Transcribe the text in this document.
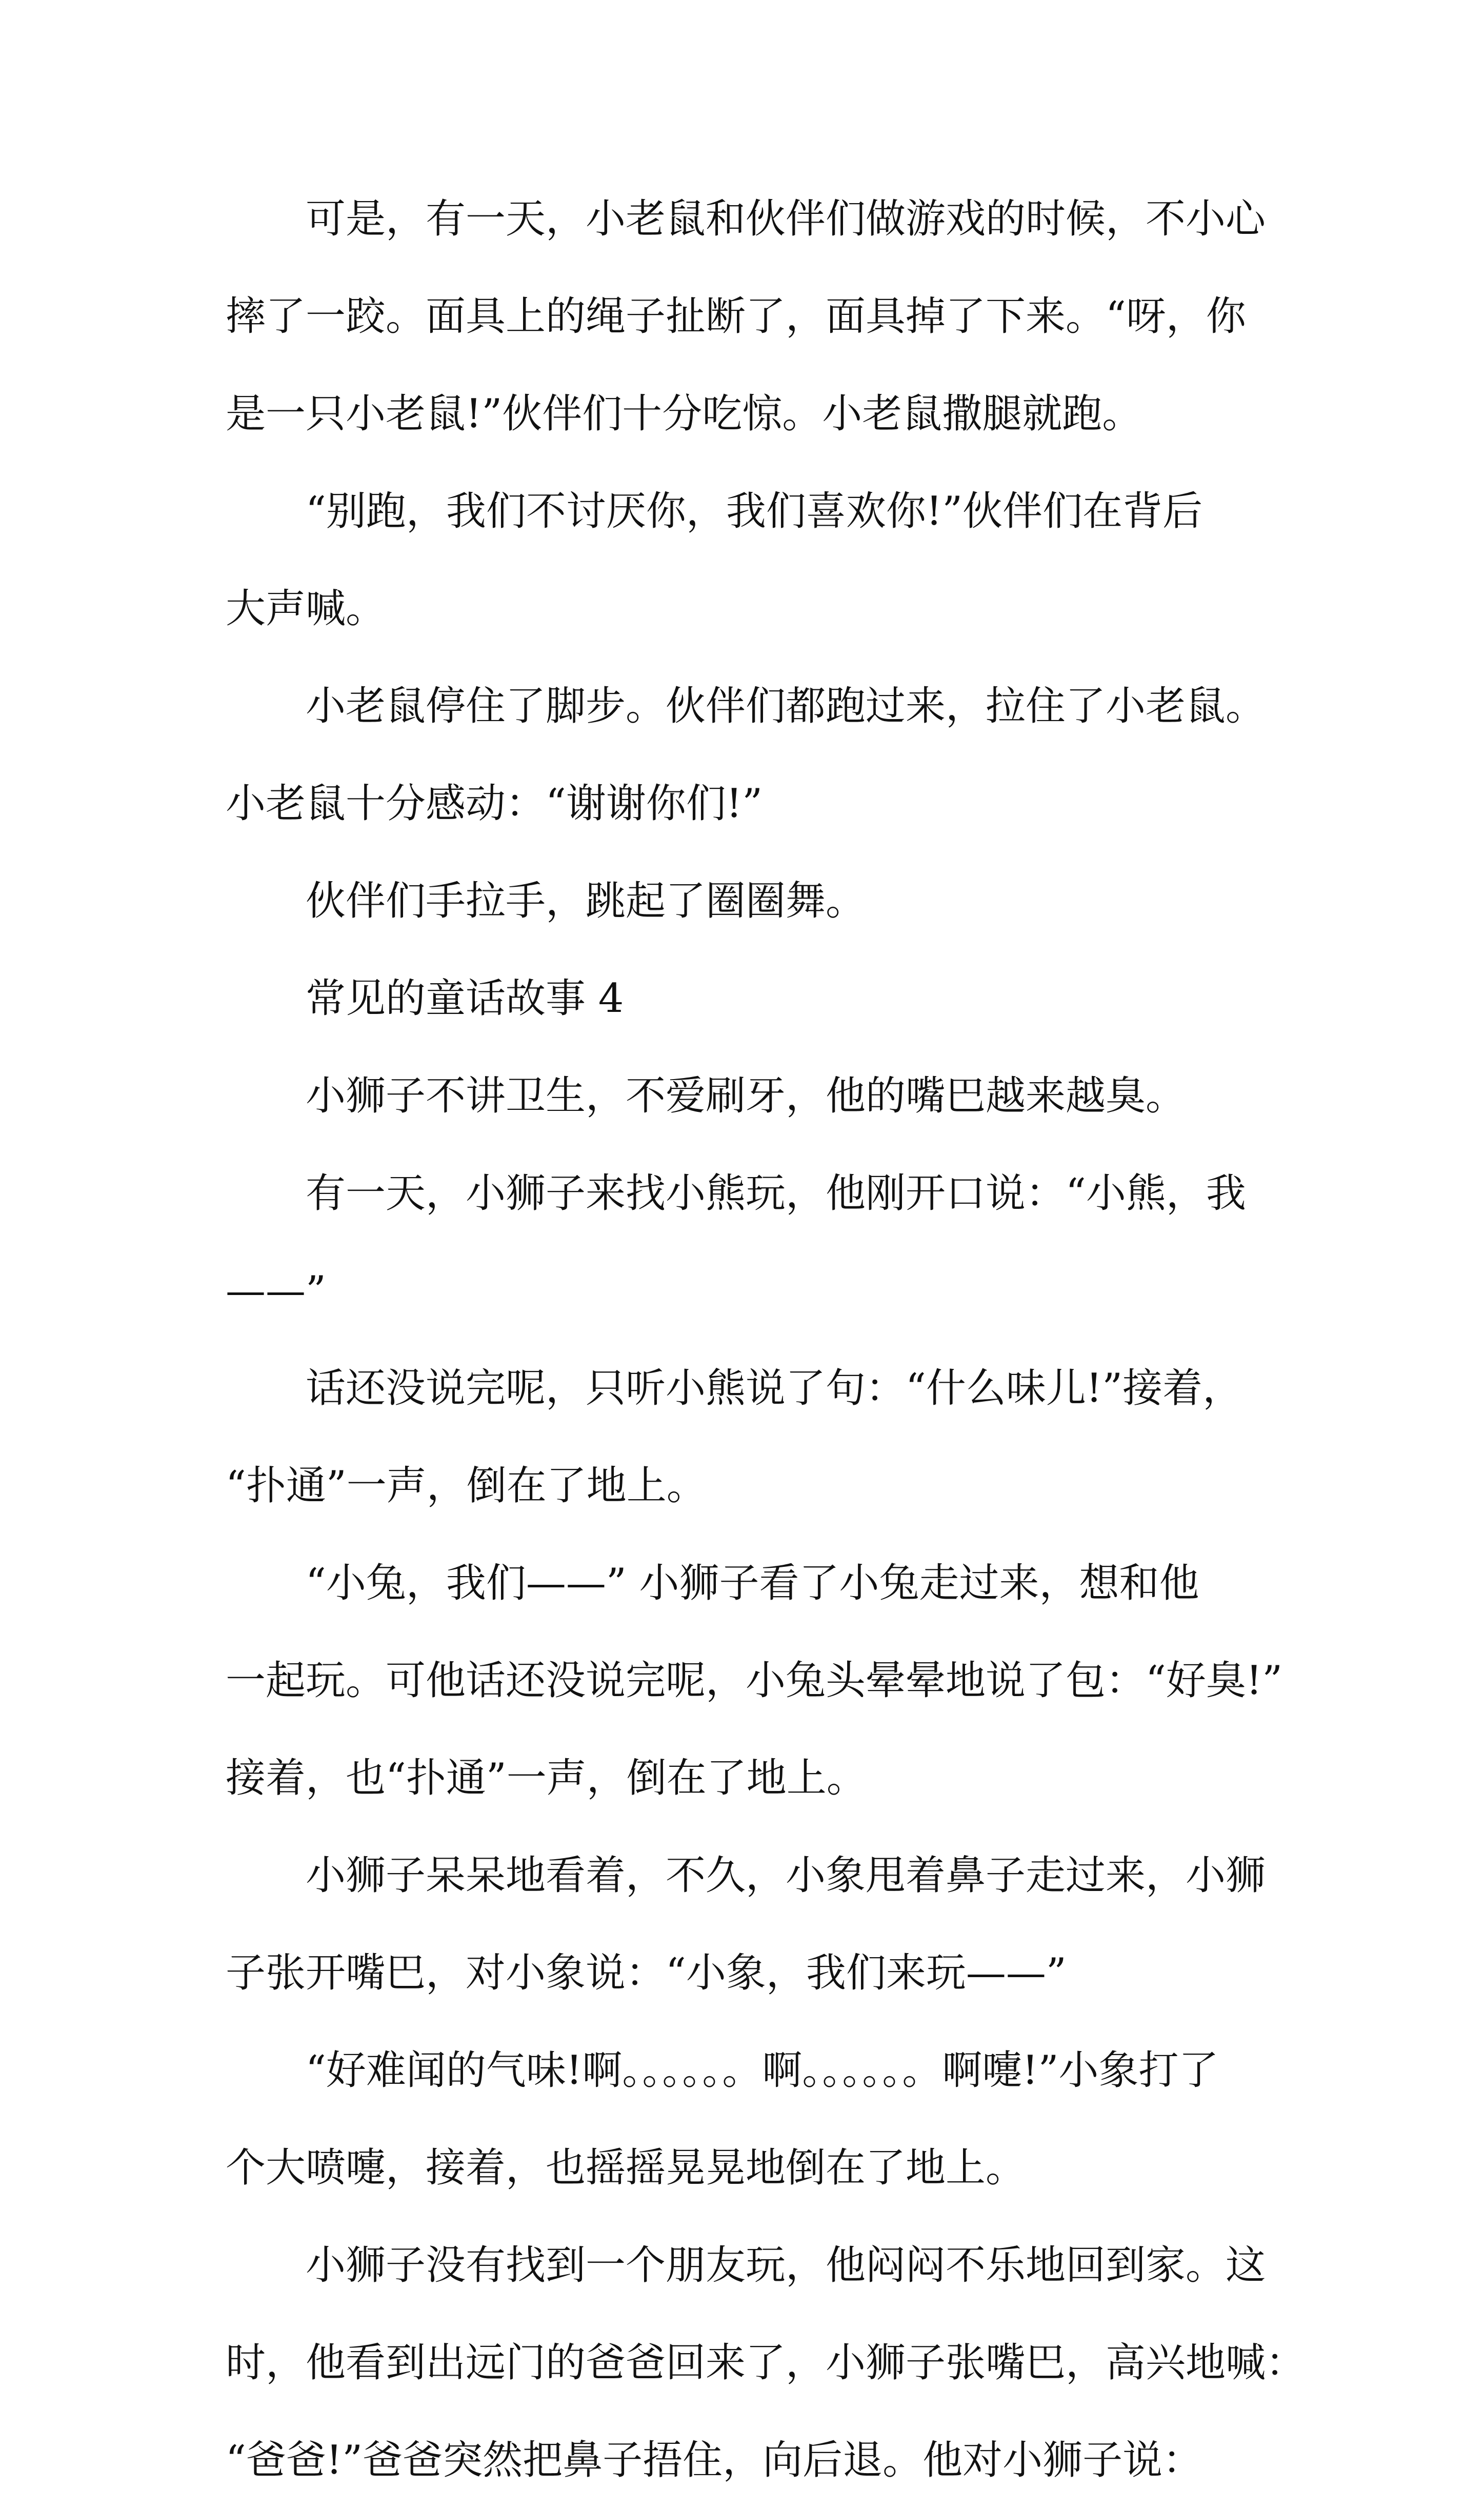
可是，有一天，小老鼠和伙伴们做游戏的时候，不小心
摔了一跤。面具上的绳子扯断了，面具掉了下来。“呀，你
是一只小老鼠!”伙伴们十分吃惊。小老鼠撒腿就跑。
“别跑，我们不讨厌你，我们喜欢你!”伙伴们在背后
大声喊。
小老鼠停住了脚步。伙伴们都跑过来，拉住了小老鼠。
小老鼠十分感动：“谢谢你们!”
伙伴们手拉手，跳起了圈圈舞。
常见的童话故事 4
小狮子不讲卫生，不爱刷牙，他的嘴巴越来越臭。
有一天，小狮子来找小熊玩，他刚开口说：“小熊，我
——”
话还没说完呢，只听小熊说了句：“什么味儿!”接着，
“扑通”一声，倒在了地上。
“小兔，我们——” 小狮子看了小兔走过来，想和他
一起玩。可他话还没说完呢，小兔头晕晕地说了包：“好臭!”
接着，也“扑通”一声，倒在了地上。
小狮子呆呆地看着，不久，小象甩着鼻子走过来，小狮
子张开嘴巴，对小象说：“小象，我们来玩——”
“好难闻的气味!啊。。。。。。啊。。。。。。啊嚏!”小象打了
个大喷嚏，接着，也摇摇晃晃地倒在了地上。
小狮子没有找到一个朋友玩，他闷闷不乐地回到家。这
时，他看到出远门的爸爸回来了，小狮子张嘴巴，高兴地喊：
“爸爸!”爸爸突然把鼻子捂住，向后退。他对小狮子说：
